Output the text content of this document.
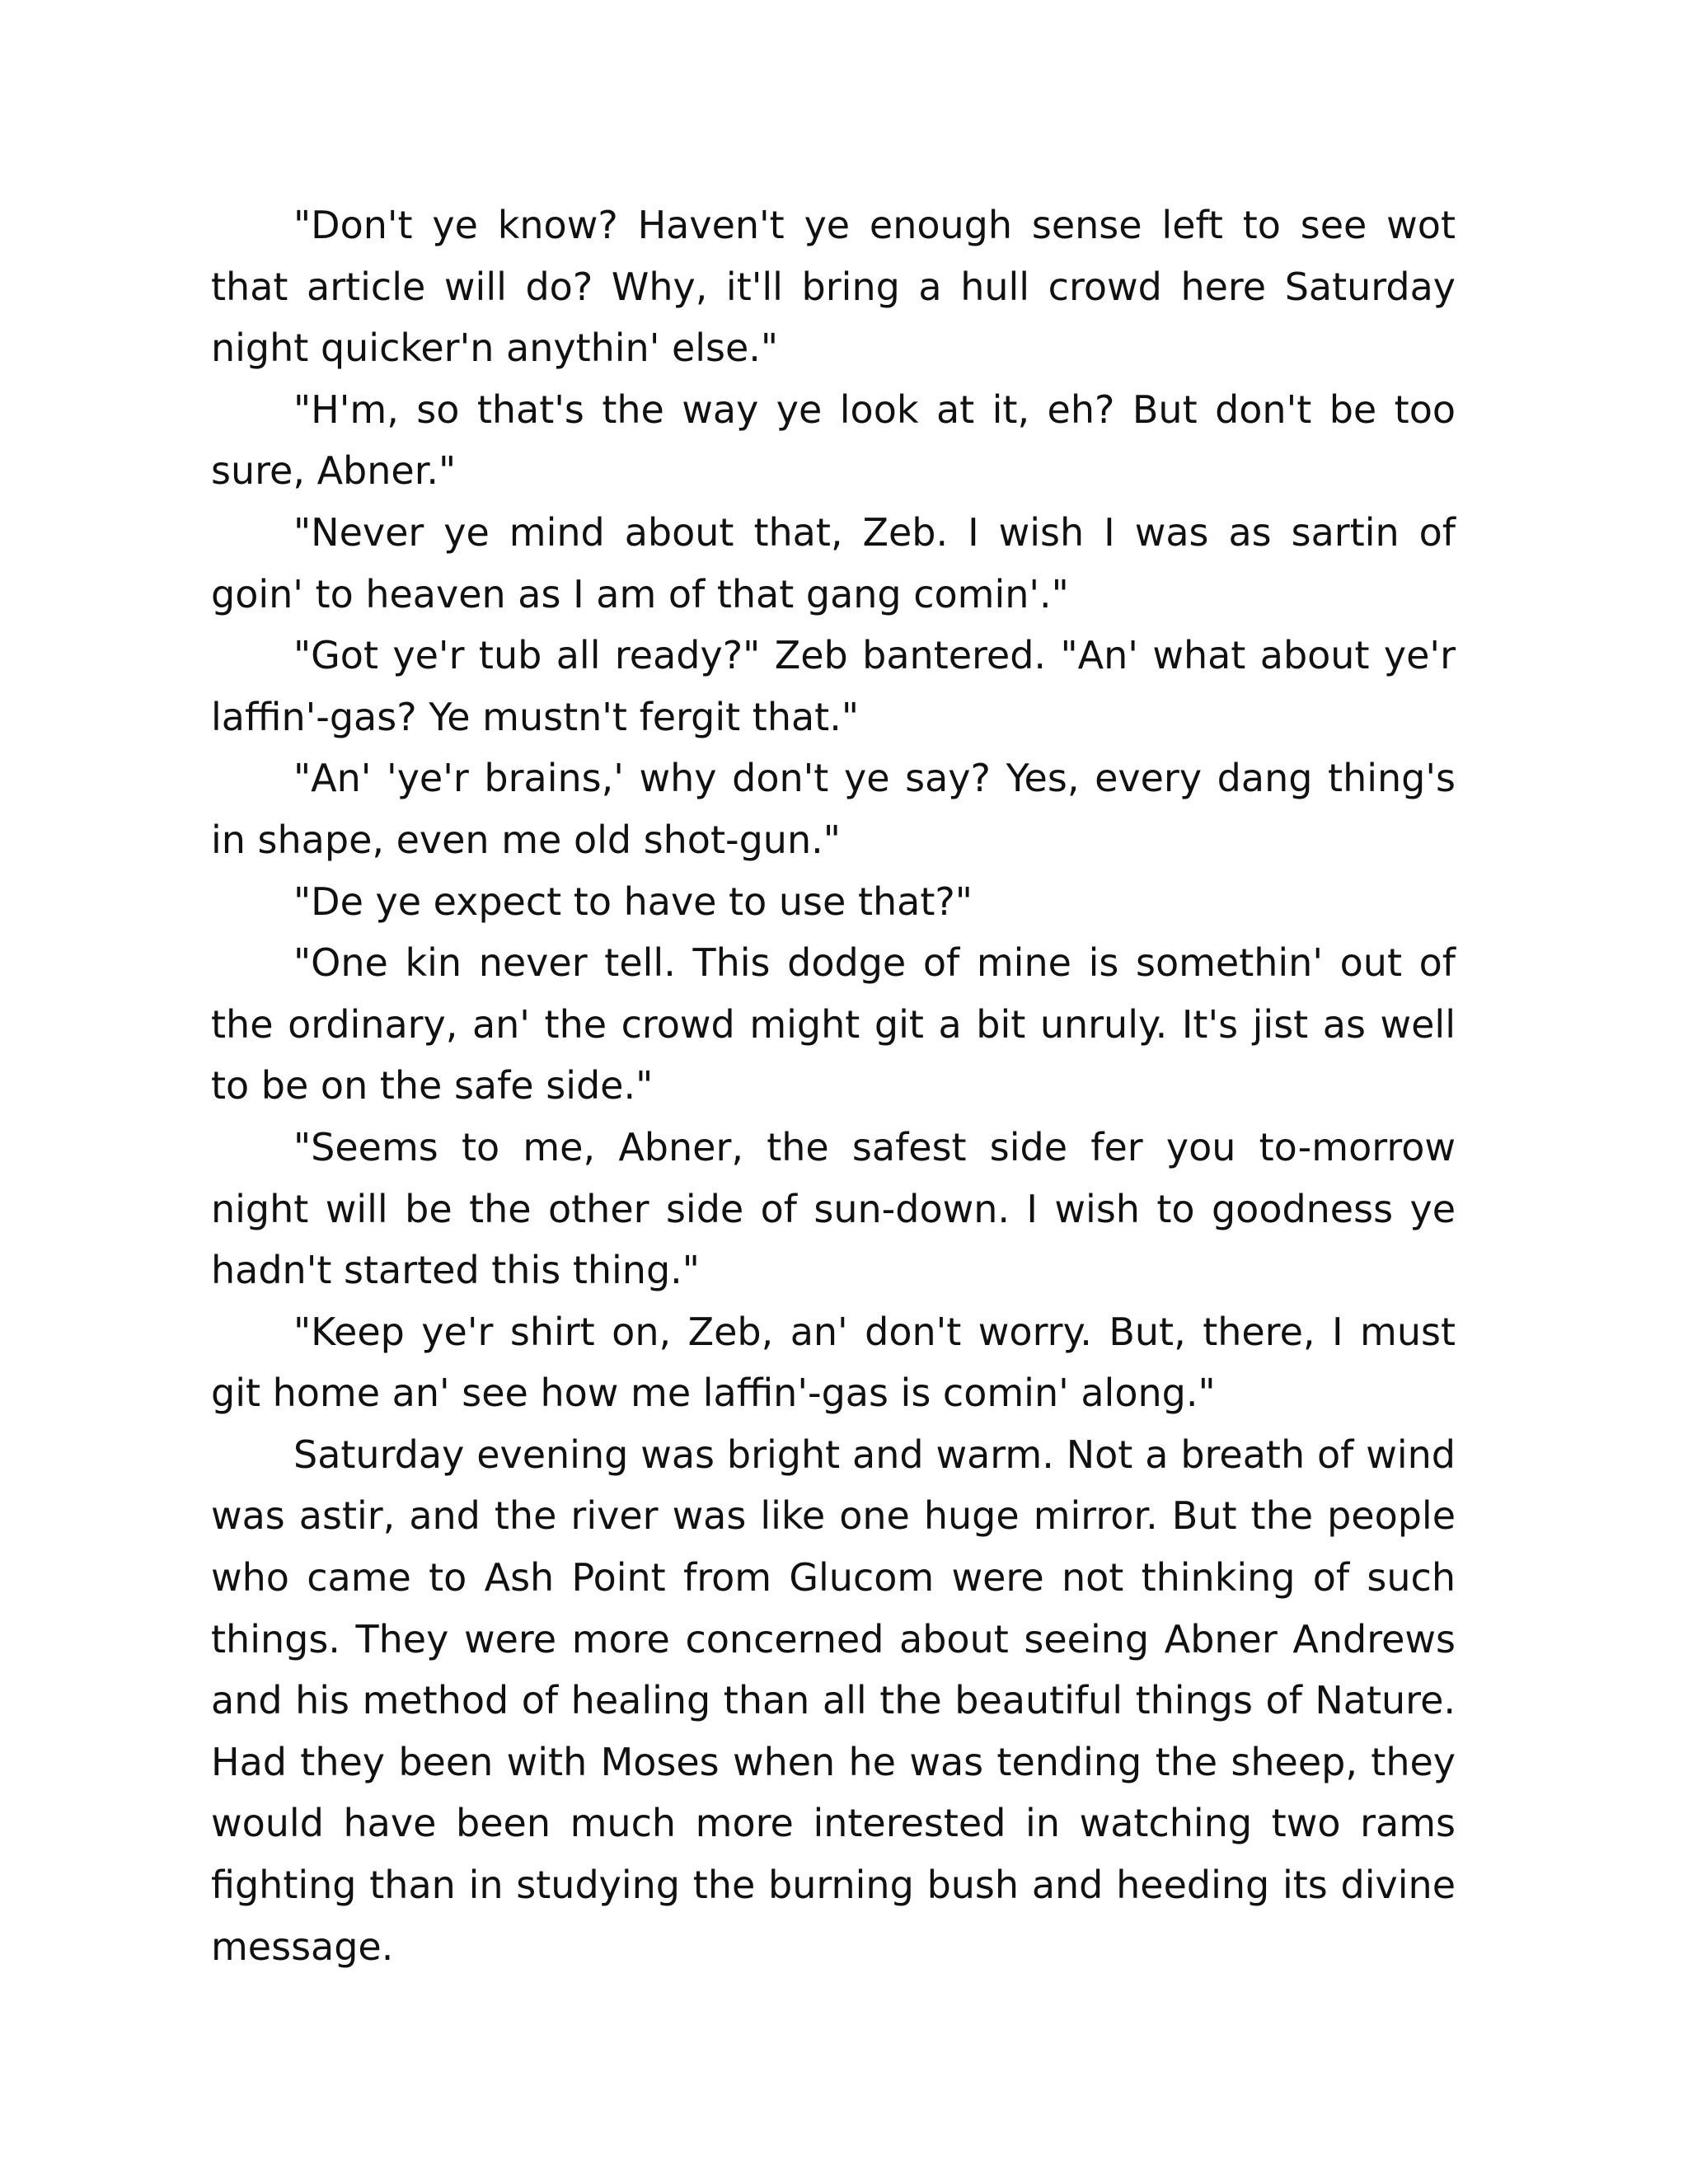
"Don't ye know? Haven't ye enough sense left to see wot that article will do? Why, it'll bring a hull crowd here Saturday night quicker'n anythin' else."

"H'm, so that's the way ye look at it, eh? But don't be too sure, Abner."

"Never ye mind about that, Zeb. I wish I was as sartin of goin' to heaven as I am of that gang comin'."

"Got ye'r tub all ready?" Zeb bantered. "An' what about ye'r laffin'-gas? Ye mustn't fergit that."

"An' 'ye'r brains,' why don't ye say? Yes, every dang thing's in shape, even me old shot-gun."

"De ye expect to have to use that?"

"One kin never tell. This dodge of mine is somethin' out of the ordinary, an' the crowd might git a bit unruly. It's jist as well to be on the safe side."

"Seems to me, Abner, the safest side fer you to-morrow night will be the other side of sun-down. I wish to goodness ye hadn't started this thing."

"Keep ye'r shirt on, Zeb, an' don't worry. But, there, I must git home an' see how me laffin'-gas is comin' along."

Saturday evening was bright and warm. Not a breath of wind was astir, and the river was like one huge mirror. But the people who came to Ash Point from Glucom were not thinking of such things. They were more concerned about seeing Abner Andrews and his method of healing than all the beautiful things of Nature. Had they been with Moses when he was tending the sheep, they would have been much more interested in watching two rams fighting than in studying the burning bush and heeding its divine message.
